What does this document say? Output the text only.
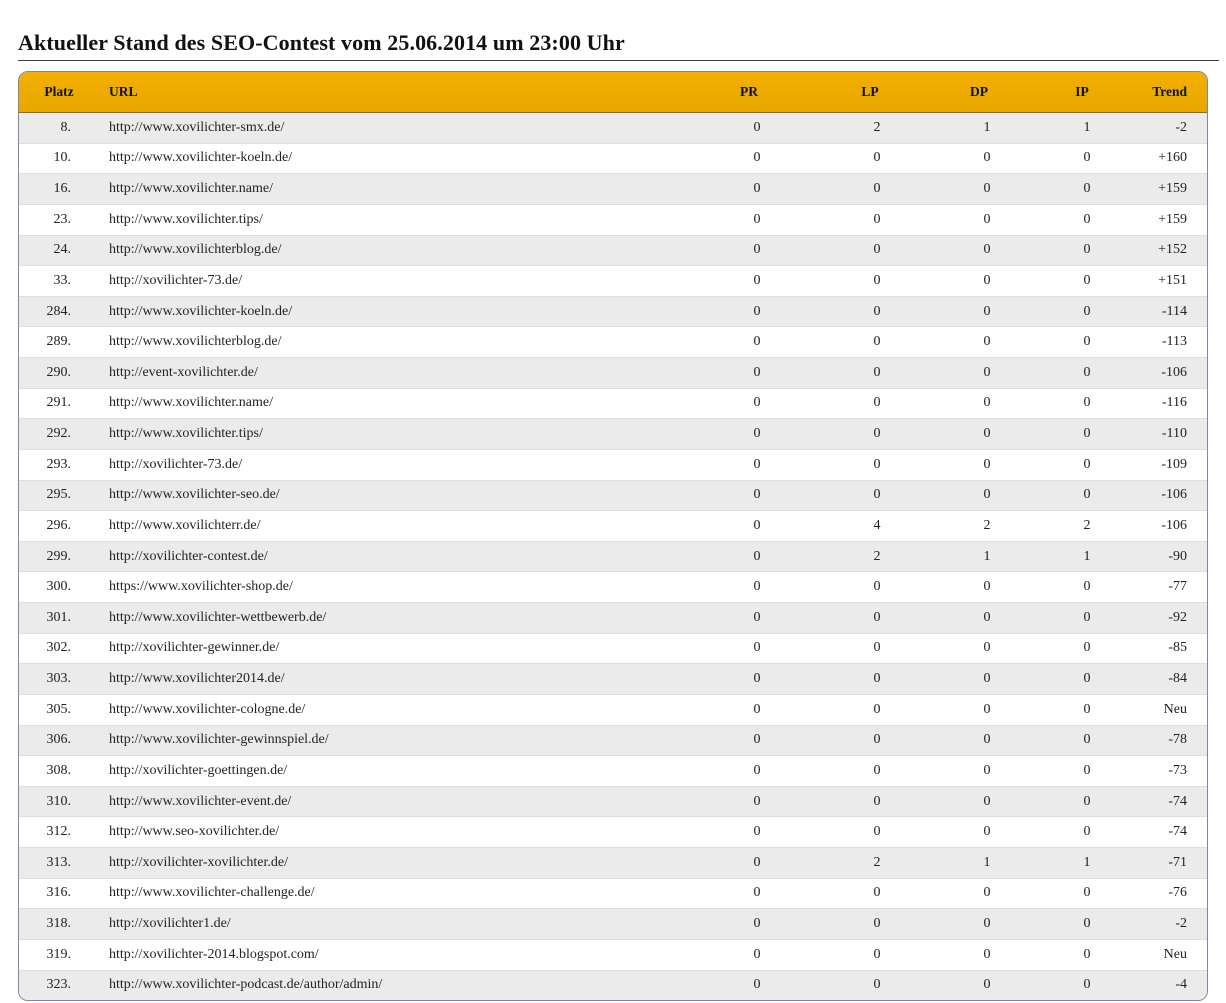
Aktueller Stand des SEO-Contest vom 25.06.2014 um 23:00 Uhr
Platz	URL	PR	LP	DP	IP	Trend
8.	http://www.xovilichter-smx.de/	0	2	1	1	-2
10.	http://www.xovilichter-koeln.de/	0	0	0	0	+160
16.	http://www.xovilichter.name/	0	0	0	0	+159
23.	http://www.xovilichter.tips/	0	0	0	0	+159
24.	http://www.xovilichterblog.de/	0	0	0	0	+152
33.	http://xovilichter-73.de/	0	0	0	0	+151
284.	http://www.xovilichter-koeln.de/	0	0	0	0	-114
289.	http://www.xovilichterblog.de/	0	0	0	0	-113
290.	http://event-xovilichter.de/	0	0	0	0	-106
291.	http://www.xovilichter.name/	0	0	0	0	-116
292.	http://www.xovilichter.tips/	0	0	0	0	-110
293.	http://xovilichter-73.de/	0	0	0	0	-109
295.	http://www.xovilichter-seo.de/	0	0	0	0	-106
296.	http://www.xovilichterr.de/	0	4	2	2	-106
299.	http://xovilichter-contest.de/	0	2	1	1	-90
300.	https://www.xovilichter-shop.de/	0	0	0	0	-77
301.	http://www.xovilichter-wettbewerb.de/	0	0	0	0	-92
302.	http://xovilichter-gewinner.de/	0	0	0	0	-85
303.	http://www.xovilichter2014.de/	0	0	0	0	-84
305.	http://www.xovilichter-cologne.de/	0	0	0	0	Neu
306.	http://www.xovilichter-gewinnspiel.de/	0	0	0	0	-78
308.	http://xovilichter-goettingen.de/	0	0	0	0	-73
310.	http://www.xovilichter-event.de/	0	0	0	0	-74
312.	http://www.seo-xovilichter.de/	0	0	0	0	-74
313.	http://xovilichter-xovilichter.de/	0	2	1	1	-71
316.	http://www.xovilichter-challenge.de/	0	0	0	0	-76
318.	http://xovilichter1.de/	0	0	0	0	-2
319.	http://xovilichter-2014.blogspot.com/	0	0	0	0	Neu
323.	http://www.xovilichter-podcast.de/author/admin/	0	0	0	0	-4
